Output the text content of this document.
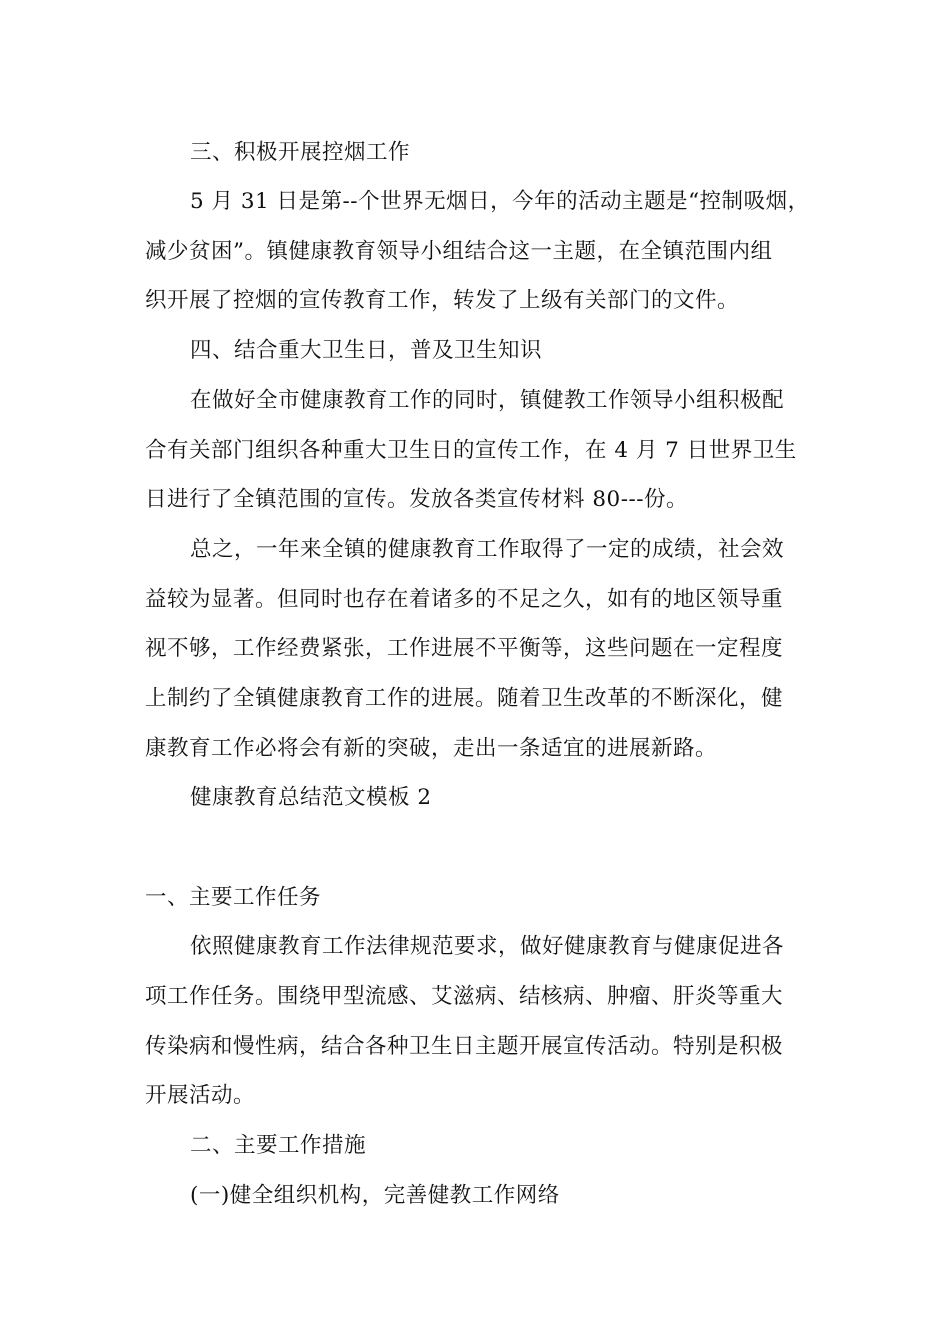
三、积极开展控烟工作
5 月 31 日是第--个世界无烟日，今年的活动主题是“控制吸烟，
减少贫困”。镇健康教育领导小组结合这一主题，在全镇范围内组
织开展了控烟的宣传教育工作，转发了上级有关部门的文件。
四、结合重大卫生日，普及卫生知识
在做好全市健康教育工作的同时，镇健教工作领导小组积极配
合有关部门组织各种重大卫生日的宣传工作，在 4 月 7 日世界卫生
日进行了全镇范围的宣传。发放各类宣传材料 80---份。
总之，一年来全镇的健康教育工作取得了一定的成绩，社会效
益较为显著。但同时也存在着诸多的不足之久，如有的地区领导重
视不够，工作经费紧张，工作进展不平衡等，这些问题在一定程度
上制约了全镇健康教育工作的进展。随着卫生改革的不断深化，健
康教育工作必将会有新的突破，走出一条适宜的进展新路。
健康教育总结范文模板 2
一、主要工作任务
依照健康教育工作法律规范要求，做好健康教育与健康促进各
项工作任务。围绕甲型流感、艾滋病、结核病、肿瘤、肝炎等重大
传染病和慢性病，结合各种卫生日主题开展宣传活动。特别是积极
开展活动。
二、主要工作措施
(一)健全组织机构，完善健教工作网络
